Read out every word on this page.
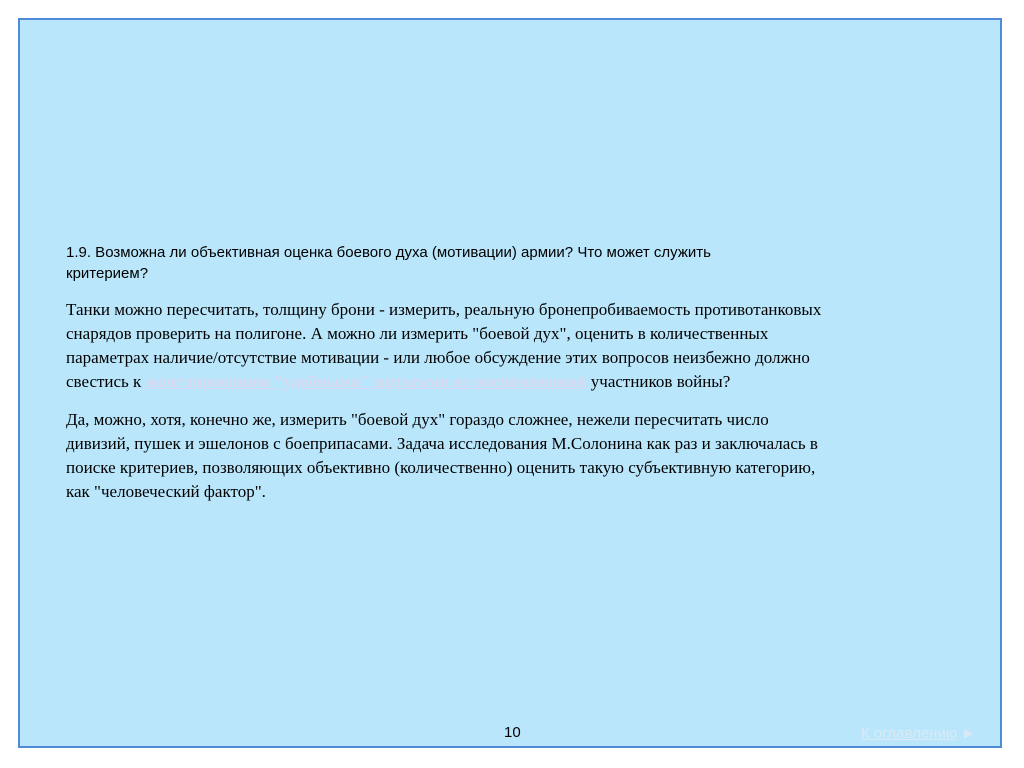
1.9. Возможна ли объективная оценка боевого духа (мотивации) армии? Что может служить
критерием?

Танки можно пересчитать, толщину брони - измерить, реальную бронепробиваемость противотанковых
снарядов проверить на полигоне. А можно ли измерить "боевой дух", оценить в количественных
параметрах наличие/отсутствие мотивации - или любое обсуждение этих вопросов неизбежно должно
свестись к жонглированию "удобными" цитатами из воспоминаний участников войны?

Да, можно, хотя, конечно же, измерить "боевой дух" гораздо сложнее, нежели пересчитать число
дивизий, пушек и эшелонов с боеприпасами. Задача исследования М.Солонина как раз и заключалась в
поиске критериев, позволяющих объективно (количественно) оценить такую субъективную категорию,
как "человеческий фактор".

10	К оглавлению ►
